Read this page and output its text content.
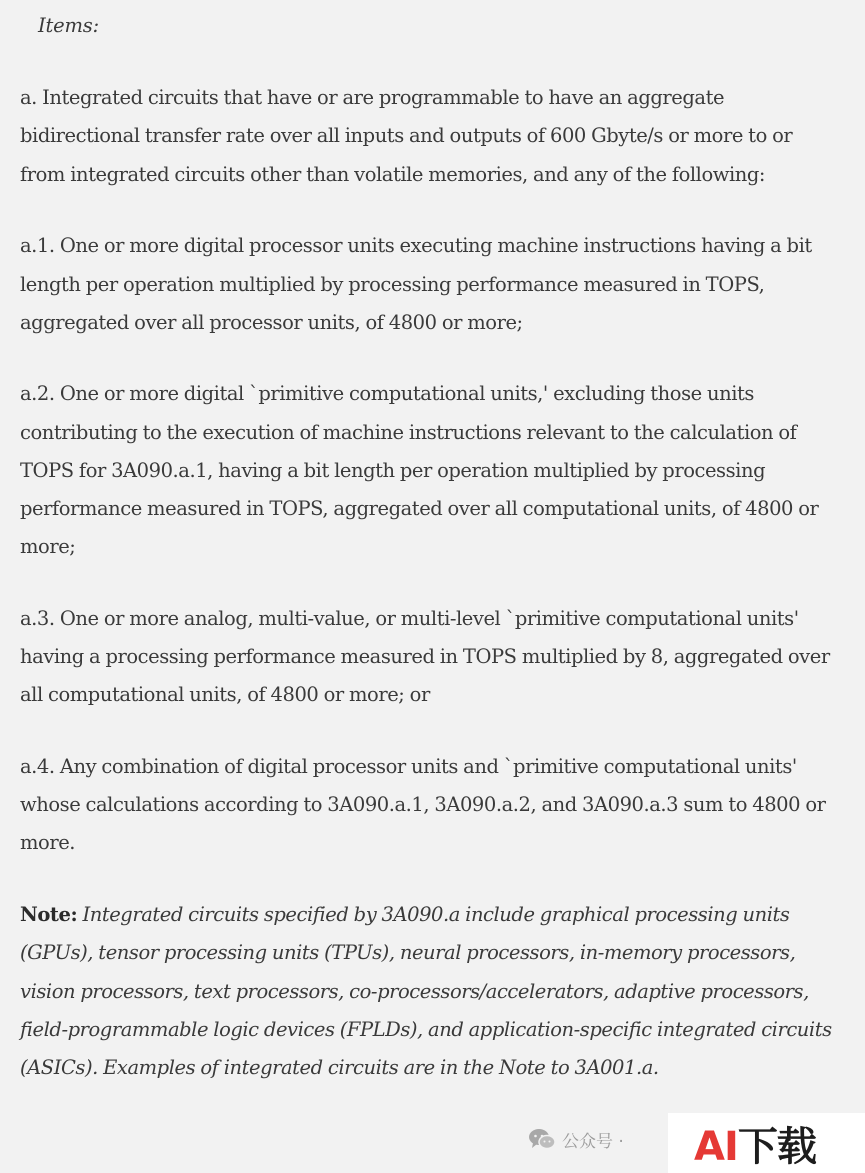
Items:

a. Integrated circuits that have or are programmable to have an aggregate bidirectional transfer rate over all inputs and outputs of 600 Gbyte/s or more to or from integrated circuits other than volatile memories, and any of the following:

a.1. One or more digital processor units executing machine instructions having a bit length per operation multiplied by processing performance measured in TOPS, aggregated over all processor units, of 4800 or more;

a.2. One or more digital `primitive computational units,' excluding those units contributing to the execution of machine instructions relevant to the calculation of TOPS for 3A090.a.1, having a bit length per operation multiplied by processing performance measured in TOPS, aggregated over all computational units, of 4800 or more;

a.3. One or more analog, multi-value, or multi-level `primitive computational units' having a processing performance measured in TOPS multiplied by 8, aggregated over all computational units, of 4800 or more; or

a.4. Any combination of digital processor units and `primitive computational units' whose calculations according to 3A090.a.1, 3A090.a.2, and 3A090.a.3 sum to 4800 or more.

Note: Integrated circuits specified by 3A090.a include graphical processing units (GPUs), tensor processing units (TPUs), neural processors, in-memory processors, vision processors, text processors, co-processors/accelerators, adaptive processors, field-programmable logic devices (FPLDs), and application-specific integrated circuits (ASICs). Examples of integrated circuits are in the Note to 3A001.a.

公众号 · AI下载
